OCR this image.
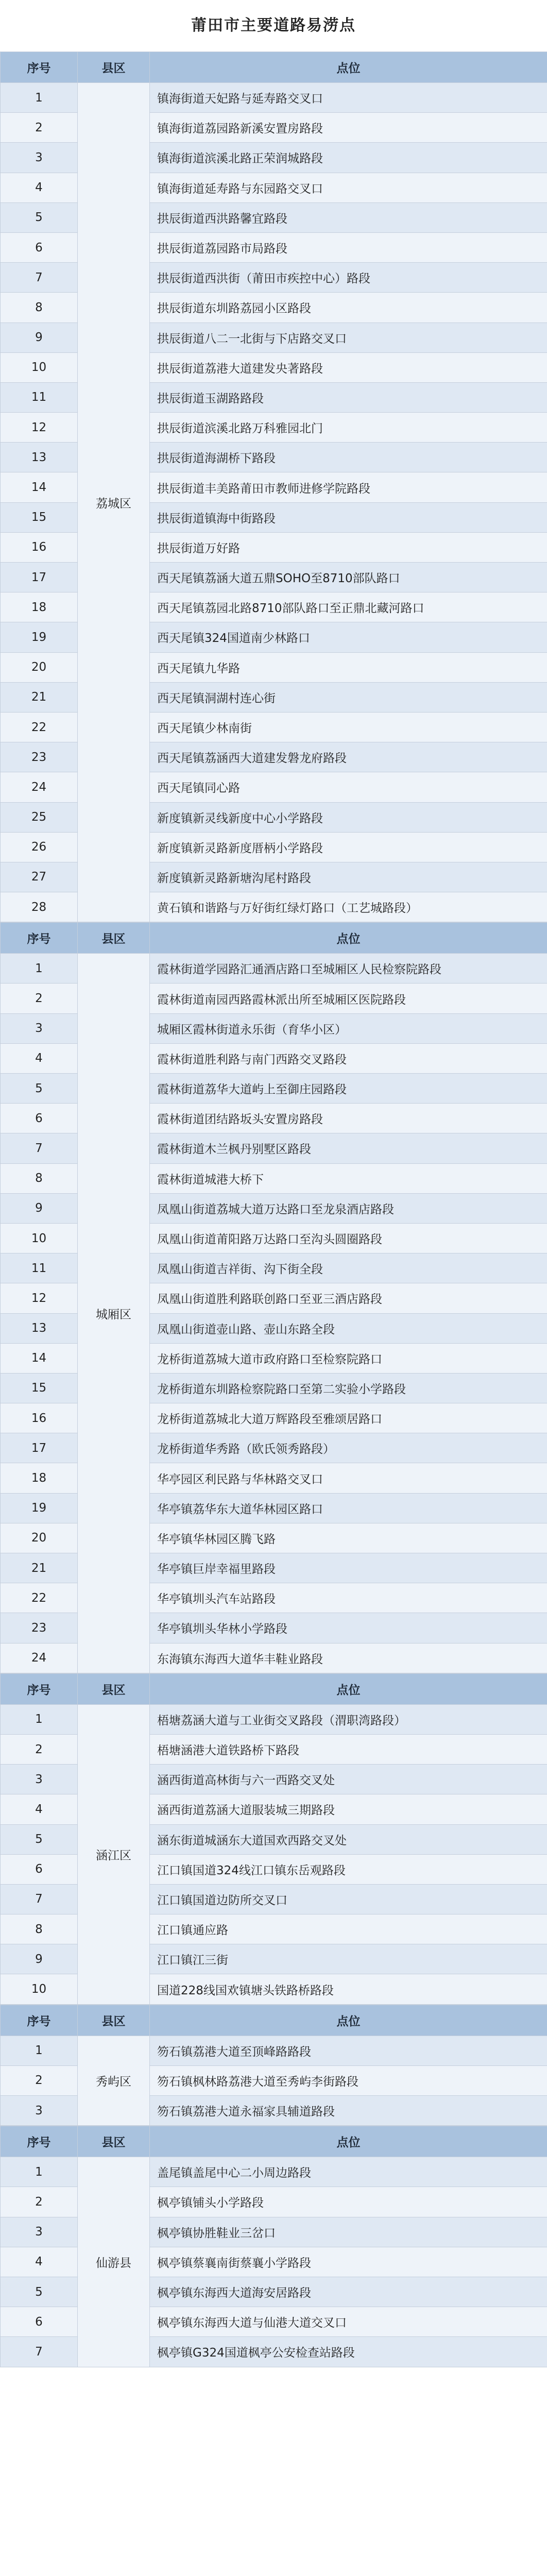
莆田市主要道路易涝点
序号	县区	点位
1	荔城区	镇海街道天妃路与延寿路交叉口
2		镇海街道荔园路新溪安置房路段
3		镇海街道滨溪北路正荣润城路段
4		镇海街道延寿路与东园路交叉口
5		拱辰街道西洪路馨宜路段
6		拱辰街道荔园路市局路段
7		拱辰街道西洪街（莆田市疾控中心）路段
8		拱辰街道东圳路荔园小区路段
9		拱辰街道八二一北街与下店路交叉口
10		拱辰街道荔港大道建发央著路段
11		拱辰街道玉湖路路段
12		拱辰街道滨溪北路万科雅园北门
13		拱辰街道海湖桥下路段
14		拱辰街道丰美路莆田市教师进修学院路段
15		拱辰街道镇海中街路段
16		拱辰街道万好路
17		西天尾镇荔涵大道五鼎SOHO至8710部队路口
18		西天尾镇荔园北路8710部队路口至正鼎北藏河路口
19		西天尾镇324国道南少林路口
20		西天尾镇九华路
21		西天尾镇洞湖村连心街
22		西天尾镇少林南街
23		西天尾镇荔涵西大道建发磐龙府路段
24		西天尾镇同心路
25		新度镇新灵线新度中心小学路段
26		新度镇新灵路新度厝柄小学路段
27		新度镇新灵路新塘沟尾村路段
28		黄石镇和谐路与万好街红绿灯路口（工艺城路段）
序号	县区	点位
1	城厢区	霞林街道学园路汇通酒店路口至城厢区人民检察院路段
2		霞林街道南园西路霞林派出所至城厢区医院路段
3		城厢区霞林街道永乐街（育华小区）
4		霞林街道胜利路与南门西路交叉路段
5		霞林街道荔华大道屿上至御庄园路段
6		霞林街道团结路坂头安置房路段
7		霞林街道木兰枫丹别墅区路段
8		霞林街道城港大桥下
9		凤凰山街道荔城大道万达路口至龙泉酒店路段
10		凤凰山街道莆阳路万达路口至沟头圆圈路段
11		凤凰山街道吉祥街、沟下街全段
12		凤凰山街道胜利路联创路口至亚三酒店路段
13		凤凰山街道壶山路、壶山东路全段
14		龙桥街道荔城大道市政府路口至检察院路口
15		龙桥街道东圳路检察院路口至第二实验小学路段
16		龙桥街道荔城北大道万辉路段至雅颂居路口
17		龙桥街道华秀路（欧氏领秀路段）
18		华亭园区利民路与华林路交叉口
19		华亭镇荔华东大道华林园区路口
20		华亭镇华林园区腾飞路
21		华亭镇巨岸幸福里路段
22		华亭镇圳头汽车站路段
23		华亭镇圳头华林小学路段
24		东海镇东海西大道华丰鞋业路段
序号	县区	点位
1	涵江区	梧塘荔涵大道与工业街交叉路段（渭职湾路段）
2		梧塘涵港大道铁路桥下路段
3		涵西街道高林街与六一西路交叉处
4		涵西街道荔涵大道服装城三期路段
5		涵东街道城涵东大道国欢西路交叉处
6		江口镇国道324线江口镇东岳观路段
7		江口镇国道边防所交叉口
8		江口镇通应路
9		江口镇江三街
10		国道228线国欢镇塘头铁路桥路段
序号	县区	点位
1	秀屿区	笏石镇荔港大道至顶峰路路段
2		笏石镇枫林路荔港大道至秀屿李街路段
3		笏石镇荔港大道永福家具辅道路段
序号	县区	点位
1	仙游县	盖尾镇盖尾中心二小周边路段
2		枫亭镇铺头小学路段
3		枫亭镇协胜鞋业三岔口
4		枫亭镇蔡襄南街蔡襄小学路段
5		枫亭镇东海西大道海安居路段
6		枫亭镇东海西大道与仙港大道交叉口
7		枫亭镇G324国道枫亭公安检查站路段
